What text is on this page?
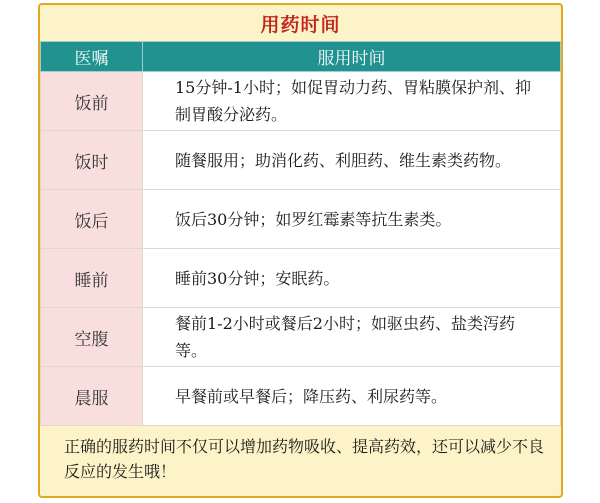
用药时间
医嘱	服用时间
饭前	15分钟-1小时；如促胃动力药、胃粘膜保护剂、抑制胃酸分泌药。
饭时	随餐服用；助消化药、利胆药、维生素类药物。
饭后	饭后30分钟；如罗红霉素等抗生素类。
睡前	睡前30分钟；安眠药。
空腹	餐前1-2小时或餐后2小时；如驱虫药、盐类泻药等。
晨服	早餐前或早餐后；降压药、利尿药等。
正确的服药时间不仅可以增加药物吸收、提高药效，还可以减少不良反应的发生哦！
